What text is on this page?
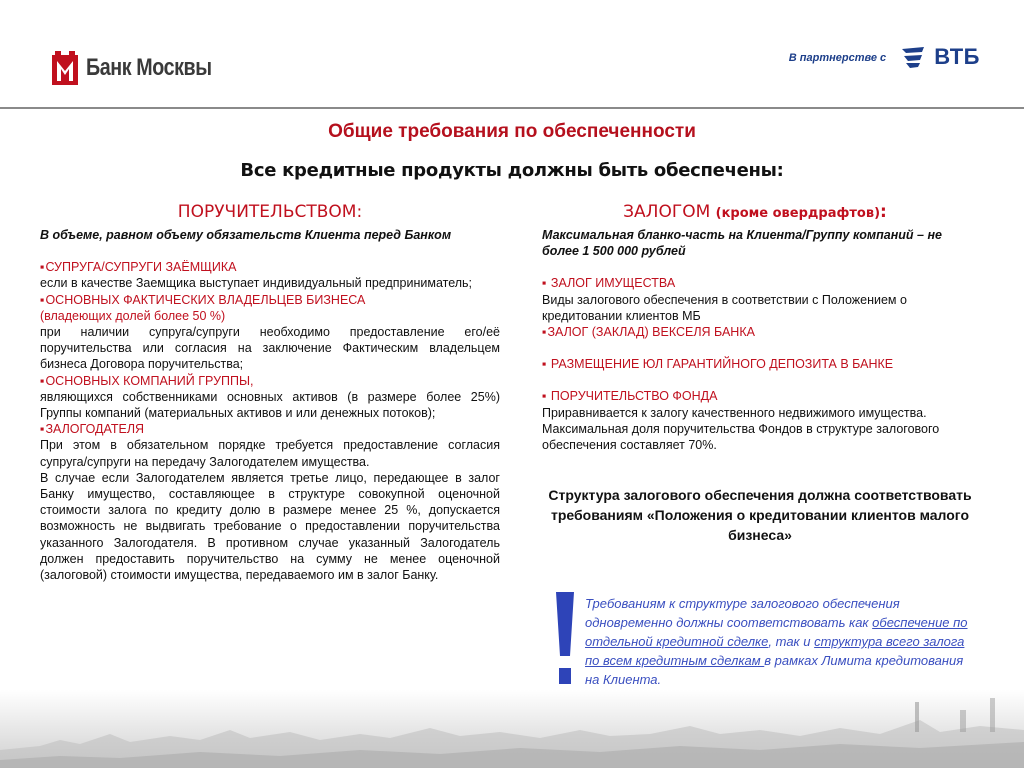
Банк Москвы	В партнерстве с ВТБ
Общие требования по обеспеченности
Все кредитные продукты должны быть обеспечены:
ПОРУЧИТЕЛЬСТВОМ:	ЗАЛОГОМ (кроме овердрафтов):

В объеме, равном объему обязательств Клиента перед Банком

▪ СУПРУГА/СУПРУГИ ЗАЁМЩИКА

если в качестве Заемщика выступает индивидуальный предприниматель;

▪ ОСНОВНЫХ ФАКТИЧЕСКИХ ВЛАДЕЛЬЦЕВ БИЗНЕСА

(владеющих долей более 50 %)

при наличии супруга/супруги необходимо предоставление его/её поручительства или согласия на заключение Фактическим владельцем бизнеса Договора поручительства;

▪ ОСНОВНЫХ КОМПАНИЙ ГРУППЫ,

являющихся собственниками основных активов (в размере более 25%) Группы компаний (материальных активов и или денежных потоков);

▪ ЗАЛОГОДАТЕЛЯ

При этом в обязательном порядке требуется предоставление согласия супруга/супруги на передачу Залогодателем имущества.

В случае если Залогодателем является третье лицо, передающее в залог Банку имущество, составляющее в структуре совокупной оценочной стоимости залога по кредиту долю в размере менее 25 %, допускается возможность не выдвигать требование о предоставлении поручительства указанного Залогодателя. В противном случае указанный Залогодатель должен предоставить поручительство на сумму не менее оценочной (залоговой) стоимости имущества, передаваемого им в залог Банку.

Максимальная бланко-часть на Клиента/Группу компаний – не более 1 500 000 рублей

▪ ЗАЛОГ ИМУЩЕСТВА

Виды залогового обеспечения в соответствии с Положением о кредитовании клиентов МБ

▪ ЗАЛОГ (ЗАКЛАД) ВЕКСЕЛЯ БАНКА

▪ РАЗМЕЩЕНИЕ ЮЛ ГАРАНТИЙНОГО ДЕПОЗИТА В БАНКЕ

▪ ПОРУЧИТЕЛЬСТВО ФОНДА

Приравнивается к залогу качественного недвижимого имущества. Максимальная доля поручительства Фондов в структуре залогового обеспечения составляет 70%.

Структура залогового обеспечения должна соответствовать требованиям «Положения о кредитовании клиентов малого бизнеса»
Требованиям к структуре залогового обеспечения одновременно должны соответствовать как обеспечение по отдельной кредитной сделке, так и структура всего залога по всем кредитным сделкам в рамках Лимита кредитования на Клиента.
